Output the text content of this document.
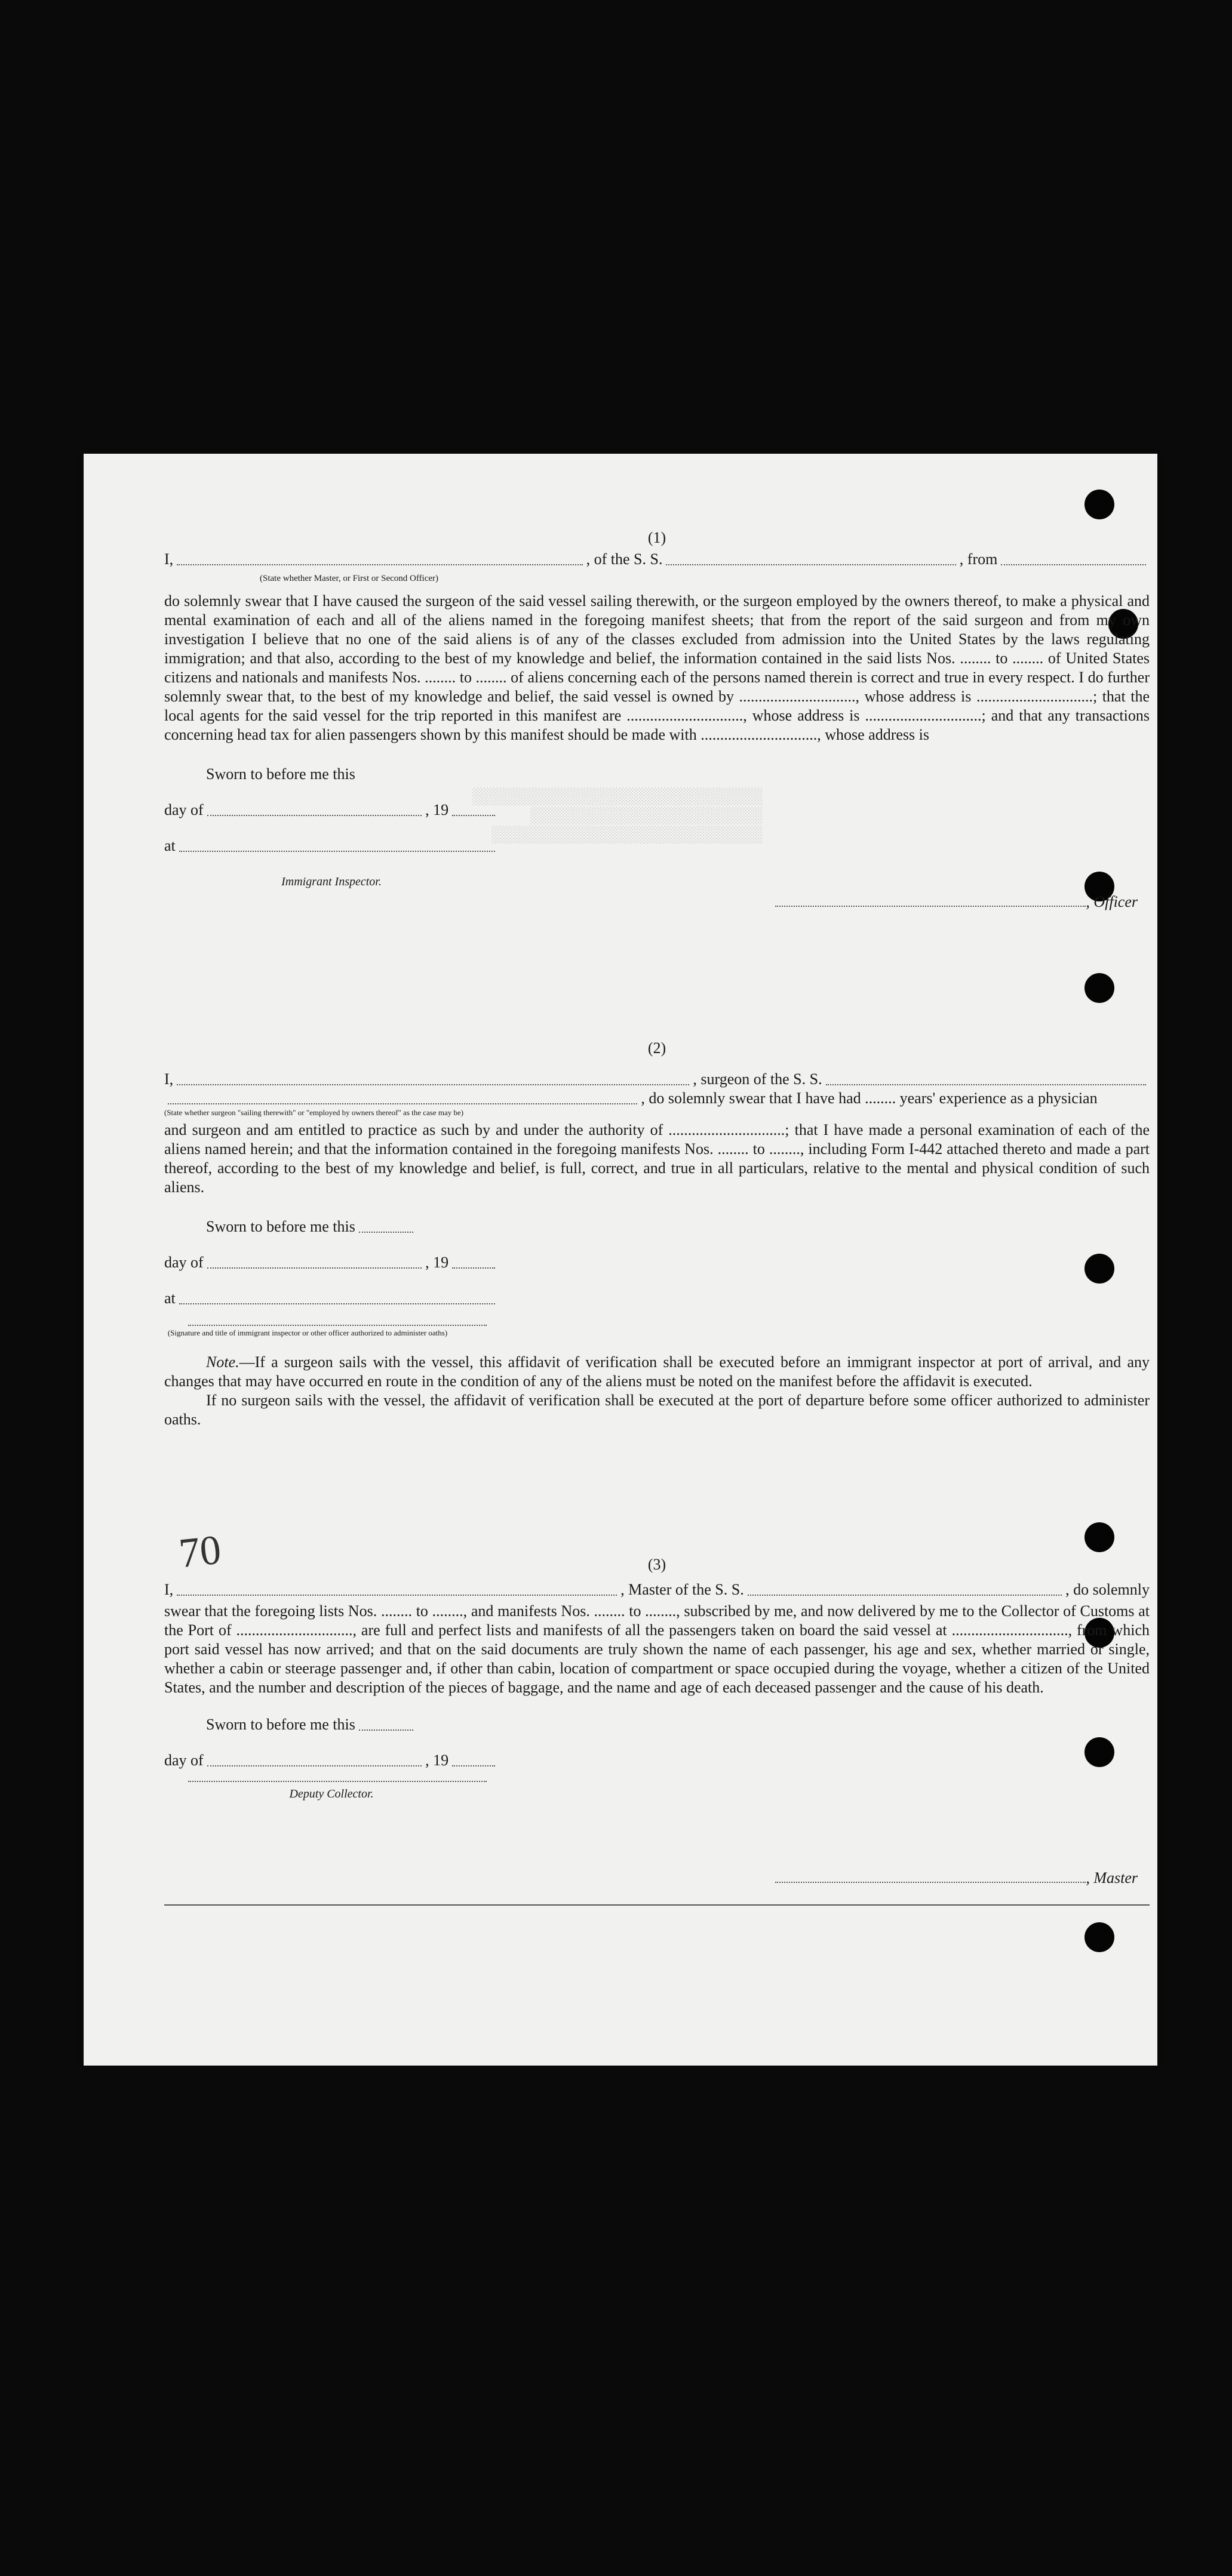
░░░░░░░░░░░░░░░░░░░░░░░░░░░░░░
░░░░░░░░░░░░░░░░░░░░░░░░
░░░░░░░░░░░░░░░░░░░░░░░░░░░░
(1)
I,	, of the S. S.	, from
(State whether Master, or First or Second Officer)
do solemnly swear that I have caused the surgeon of the said vessel sailing therewith, or the surgeon employed by the owners thereof, to make a physical and mental examination of each and all of the aliens named in the foregoing manifest sheets; that from the report of the said surgeon and from my own investigation I believe that no one of the said aliens is of any of the classes excluded from admission into the United States by the laws regulating immigration; and that also, according to the best of my knowledge and belief, the information contained in the said lists Nos. ........ to ........ of United States citizens and nationals and manifests Nos. ........ to ........ of aliens concerning each of the persons named therein is correct and true in every respect. I do further solemnly swear that, to the best of my knowledge and belief, the said vessel is owned by .............................., whose address is ..............................; that the local agents for the said vessel for the trip reported in this manifest are .............................., whose address is ..............................; and that any transactions concerning head tax for alien passengers shown by this manifest should be made with .............................., whose address is
Sworn to before me this
day of	, 19
at
Immigrant Inspector.
, Officer
(2)
I,	, surgeon of the S. S.
, do solemnly swear that I have had ........ years' experience as a physician
(State whether surgeon "sailing therewith" or "employed by owners thereof" as the case may be)
and surgeon and am entitled to practice as such by and under the authority of ..............................; that I have made a personal examination of each of the aliens named herein; and that the information contained in the foregoing manifests Nos. ........ to ........, including Form I-442 attached thereto and made a part thereof, according to the best of my knowledge and belief, is full, correct, and true in all particulars, relative to the mental and physical condition of such aliens.
Sworn to before me this
day of	, 19
at
(Signature and title of immigrant inspector or other officer authorized to administer oaths)
Note.—If a surgeon sails with the vessel, this affidavit of verification shall be executed before an immigrant inspector at port of arrival, and any changes that may have occurred en route in the condition of any of the aliens must be noted on the manifest before the affidavit is executed.
If no surgeon sails with the vessel, the affidavit of verification shall be executed at the port of departure before some officer authorized to administer oaths.
(3)
I,	, Master of the S. S.	, do solemnly
swear that the foregoing lists Nos. ........ to ........, and manifests Nos. ........ to ........, subscribed by me, and now delivered by me to the Collector of Customs at the Port of .............................., are full and perfect lists and manifests of all the passengers taken on board the said vessel at .............................., from which port said vessel has now arrived; and that on the said documents are truly shown the name of each passenger, his age and sex, whether married or single, whether a cabin or steerage passenger and, if other than cabin, location of compartment or space occupied during the voyage, whether a citizen of the United States, and the number and description of the pieces of baggage, and the name and age of each deceased passenger and the cause of his death.
Sworn to before me this
day of	, 19
Deputy Collector.
, Master
70
